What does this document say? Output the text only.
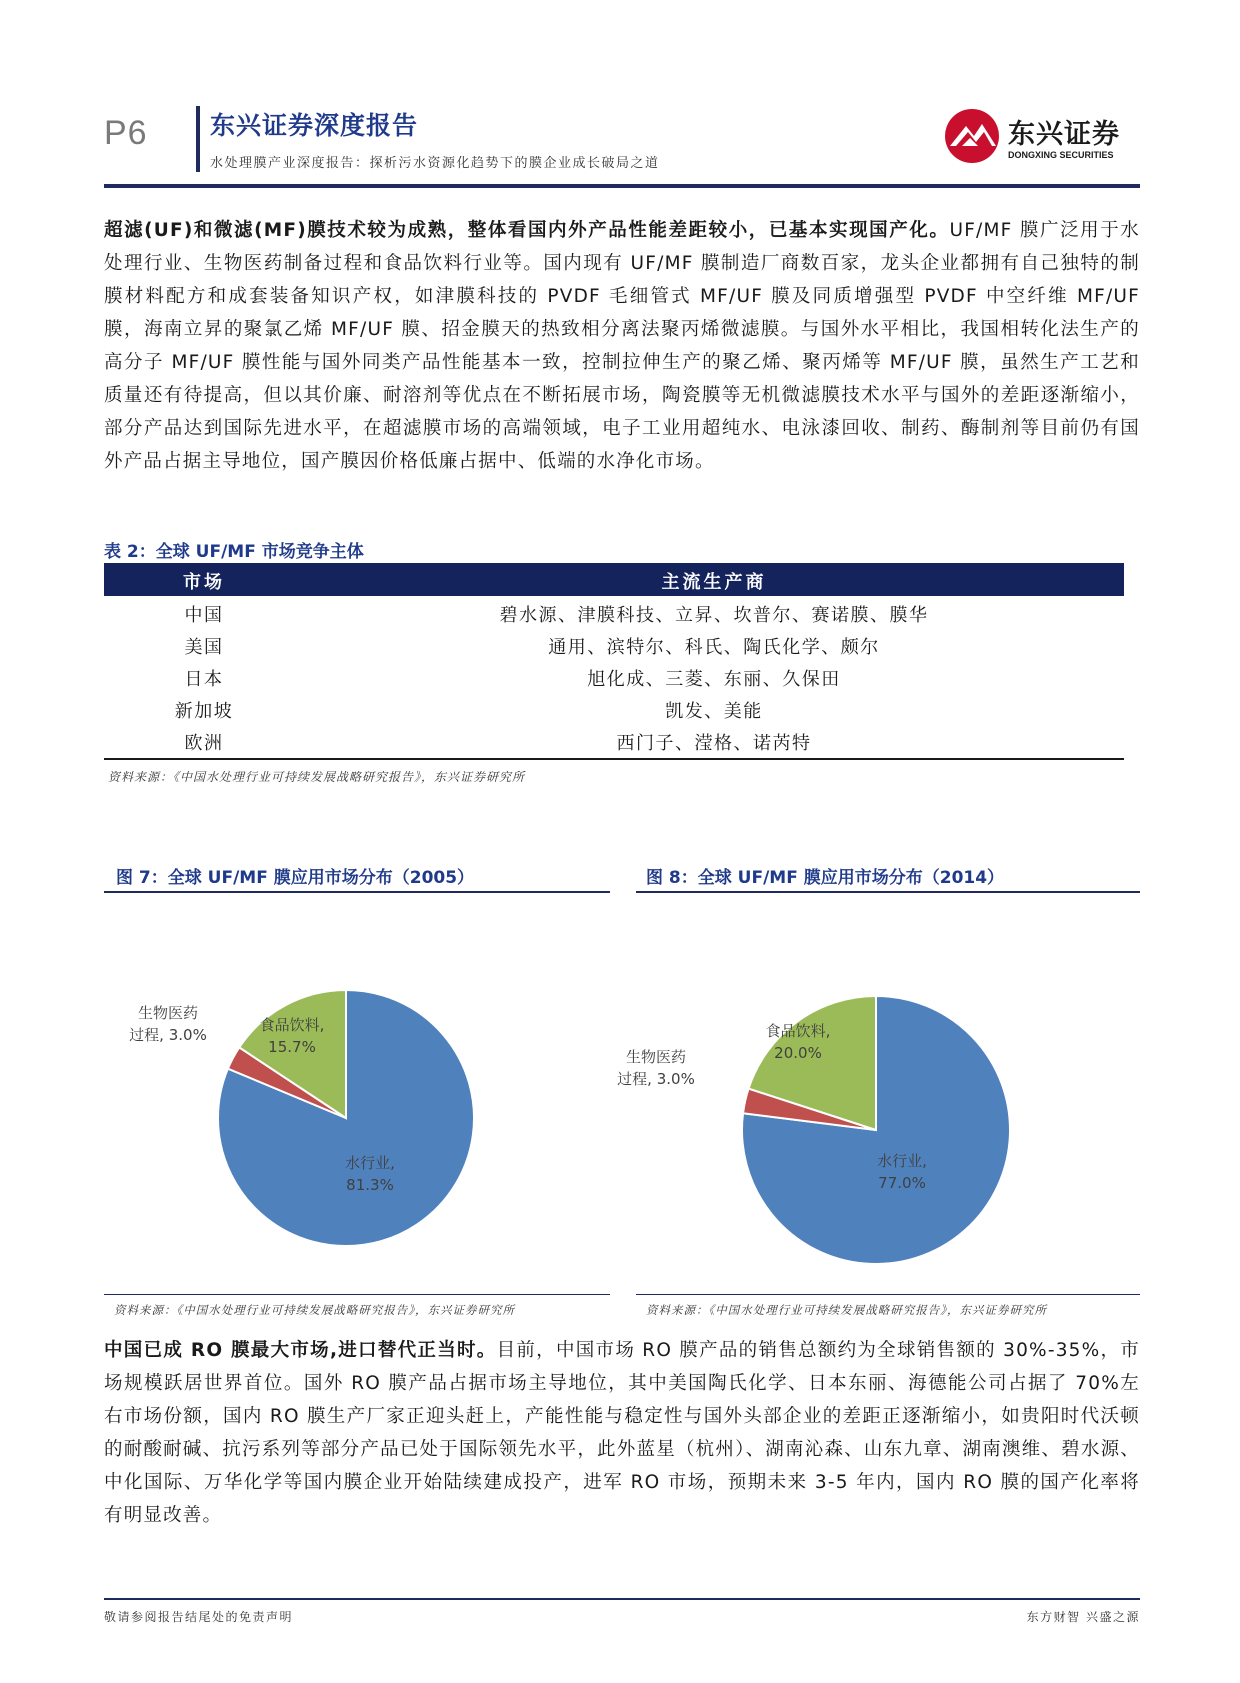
P6 东兴证券深度报告
水处理膜产业深度报告：探析污水资源化趋势下的膜企业成长破局之道
东兴证券
DONGXING SECURITIES
超滤(UF)和微滤(MF)膜技术较为成熟，整体看国内外产品性能差距较小，已基本实现国产化。UF/MF 膜广泛用于水处理行业、生物医药制备过程和食品饮料行业等。国内现有 UF/MF 膜制造厂商数百家，龙头企业都拥有自己独特的制膜材料配方和成套装备知识产权，如津膜科技的 PVDF 毛细管式 MF/UF 膜及同质增强型 PVDF 中空纤维 MF/UF 膜，海南立昇的聚氯乙烯 MF/UF 膜、招金膜天的热致相分离法聚丙烯微滤膜。与国外水平相比，我国相转化法生产的高分子 MF/UF 膜性能与国外同类产品性能基本一致，控制拉伸生产的聚乙烯、聚丙烯等 MF/UF 膜，虽然生产工艺和质量还有待提高，但以其价廉、耐溶剂等优点在不断拓展市场，陶瓷膜等无机微滤膜技术水平与国外的差距逐渐缩小，部分产品达到国际先进水平，在超滤膜市场的高端领域，电子工业用超纯水、电泳漆回收、制药、酶制剂等目前仍有国外产品占据主导地位，国产膜因价格低廉占据中、低端的水净化市场。
表 2：全球 UF/MF 市场竞争主体
市场	主流生产商
中国	碧水源、津膜科技、立昇、坎普尔、赛诺膜、膜华
美国	通用、滨特尔、科氏、陶氏化学、颇尔
日本	旭化成、三菱、东丽、久保田
新加坡	凯发、美能
欧洲	西门子、滢格、诺芮特
资料来源：《中国水处理行业可持续发展战略研究报告》，东兴证券研究所
图 7：全球 UF/MF 膜应用市场分布（2005）
水行业, 81.3%
生物医药过程, 3.0%
食品饮料, 15.7%
资料来源：《中国水处理行业可持续发展战略研究报告》，东兴证券研究所
图 8：全球 UF/MF 膜应用市场分布（2014）
水行业, 77.0%
生物医药过程, 3.0%
食品饮料, 20.0%
资料来源：《中国水处理行业可持续发展战略研究报告》，东兴证券研究所
中国已成 RO 膜最大市场,进口替代正当时。目前，中国市场 RO 膜产品的销售总额约为全球销售额的 30%-35%，市场规模跃居世界首位。国外 RO 膜产品占据市场主导地位，其中美国陶氏化学、日本东丽、海德能公司占据了 70%左右市场份额，国内 RO 膜生产厂家正迎头赶上，产能性能与稳定性与国外头部企业的差距正逐渐缩小，如贵阳时代沃顿的耐酸耐碱、抗污系列等部分产品已处于国际领先水平，此外蓝星（杭州）、湖南沁森、山东九章、湖南澳维、碧水源、中化国际、万华化学等国内膜企业开始陆续建成投产，进军 RO 市场，预期未来 3-5 年内，国内 RO 膜的国产化率将有明显改善。
敬请参阅报告结尾处的免责声明	东方财智 兴盛之源
